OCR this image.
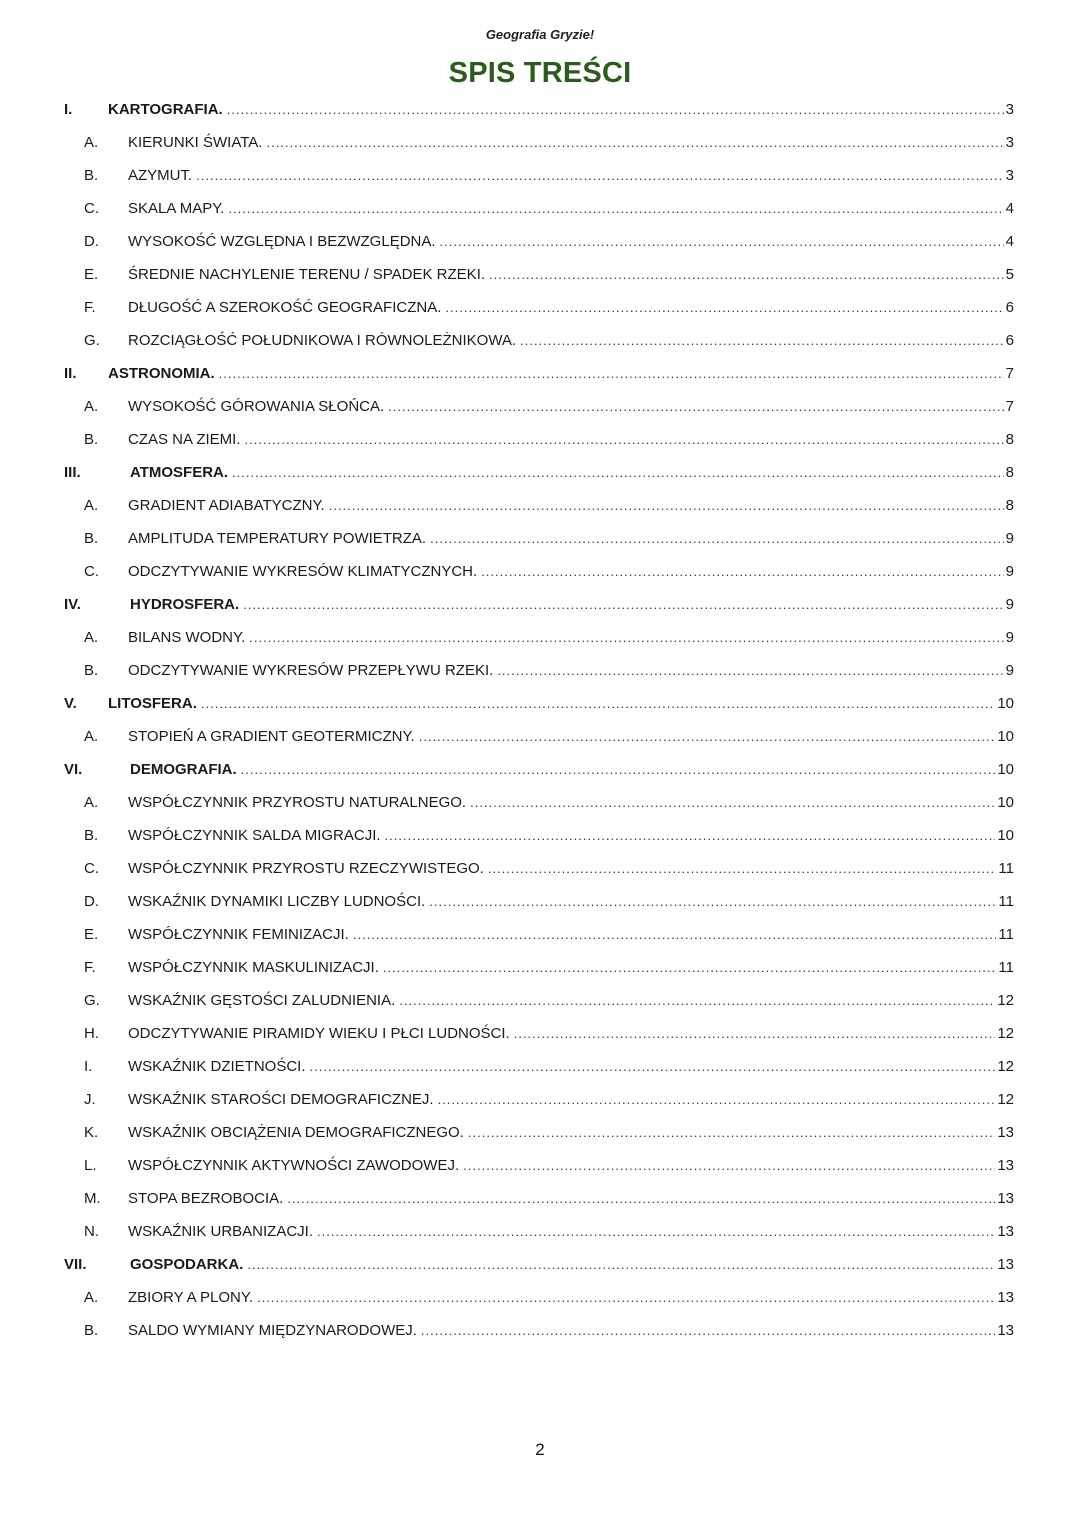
Geografia Gryzie!
SPIS TREŚCI
I. KARTOGRAFIA. .....	3
A. KIERUNKI ŚWIATA. .....	3
B. AZYMUT. .....	3
C. SKALA MAPY. .....	4
D. WYSOKOŚĆ WZGLĘDNA I BEZWZGLĘDNA. .....	4
E. ŚREDNIE NACHYLENIE TERENU / SPADEK RZEKI. .....	5
F. DŁUGOŚĆ A SZEROKOŚĆ GEOGRAFICZNA. .....	6
G. ROZCIĄGŁOŚĆ POŁUDNIKOWA I RÓWNOLEŻNIKOWA. .....	6
II. ASTRONOMIA. .....	7
A. WYSOKOŚĆ GÓROWANIA SŁOŃCA. .....	7
B. CZAS NA ZIEMI. .....	8
III.	ATMOSFERA. .....	8
A. GRADIENT ADIABATYCZNY. .....	8
B. AMPLITUDA TEMPERATURY POWIETRZA. .....	9
C. ODCZYTYWANIE WYKRESÓW KLIMATYCZNYCH. .....	9
IV.	HYDROSFERA. .....	9
A. BILANS WODNY. .....	9
B. ODCZYTYWANIE WYKRESÓW PRZEPŁYWU RZEKI. .....	9
V. LITOSFERA. .....	10
A. STOPIEŃ A GRADIENT GEOTERMICZNY. .....	10
VI.	DEMOGRAFIA. .....	10
A. WSPÓŁCZYNNIK PRZYROSTU NATURALNEGO. .....	10
B. WSPÓŁCZYNNIK SALDA MIGRACJI. .....	10
C. WSPÓŁCZYNNIK PRZYROSTU RZECZYWISTEGO. .....	11
D. WSKAŹNIK DYNAMIKI LICZBY LUDNOŚCI. .....	11
E. WSPÓŁCZYNNIK FEMINIZACJI. .....	11
F. WSPÓŁCZYNNIK MASKULINIZACJI. .....	11
G. WSKAŹNIK GĘSTOŚCI ZALUDNIENIA. .....	12
H. ODCZYTYWANIE PIRAMIDY WIEKU I PŁCI LUDNOŚCI. .....	12
I. WSKAŹNIK DZIETNOŚCI. .....	12
J. WSKAŹNIK STAROŚCI DEMOGRAFICZNEJ. .....	12
K. WSKAŹNIK OBCIĄŻENIA DEMOGRAFICZNEGO. .....	13
L. WSPÓŁCZYNNIK AKTYWNOŚCI ZAWODOWEJ. .....	13
M. STOPA BEZROBOCIA. .....	13
N. WSKAŹNIK URBANIZACJI. .....	13
VII.	GOSPODARKA. .....	13
A. ZBIORY A PLONY. .....	13
B. SALDO WYMIANY MIĘDZYNARODOWEJ. .....	13
2
